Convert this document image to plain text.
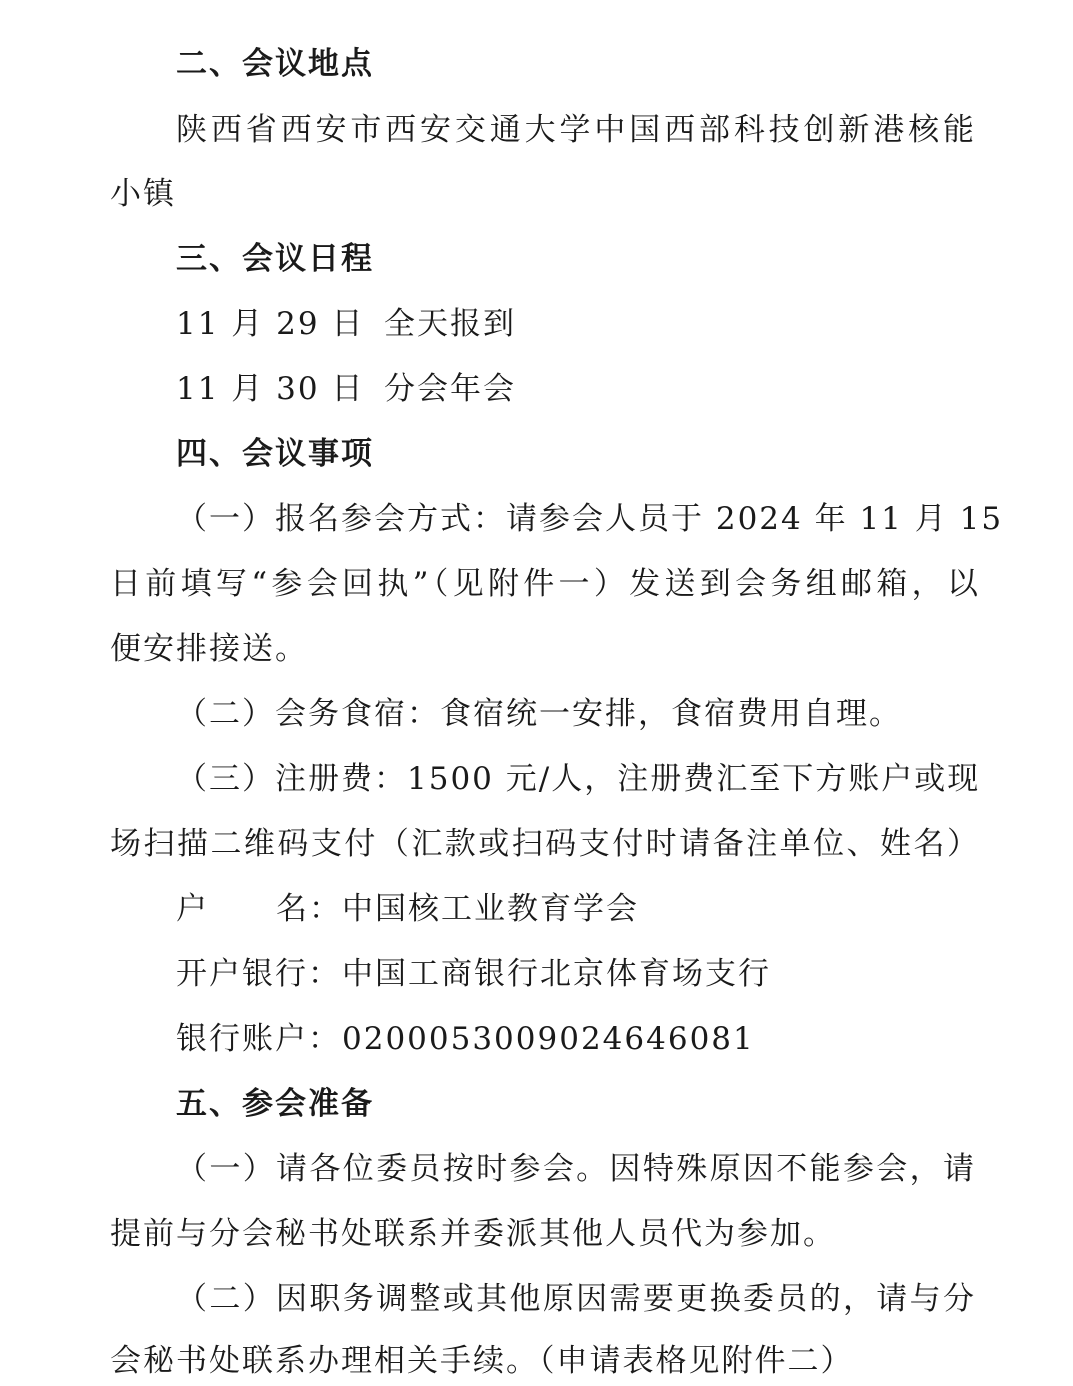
二、会议地点
陕西省西安市西安交通大学中国西部科技创新港核能
小镇
三、会议日程
11 月 29 日 全天报到
11 月 30 日 分会年会
四、会议事项
（一）报名参会方式：请参会人员于 2024 年 11 月 15
日前填写“参会回执”（见附件一）发送到会务组邮箱，以
便安排接送。
（二）会务食宿：食宿统一安排，食宿费用自理。
（三）注册费：1500 元/人，注册费汇至下方账户或现
场扫描二维码支付（汇款或扫码支付时请备注单位、姓名）
户 名：中国核工业教育学会
开户银行：中国工商银行北京体育场支行
银行账户：0200053009024646081
五、参会准备
（一）请各位委员按时参会。因特殊原因不能参会，请
提前与分会秘书处联系并委派其他人员代为参加。
（二）因职务调整或其他原因需要更换委员的，请与分
会秘书处联系办理相关手续。（申请表格见附件二）
